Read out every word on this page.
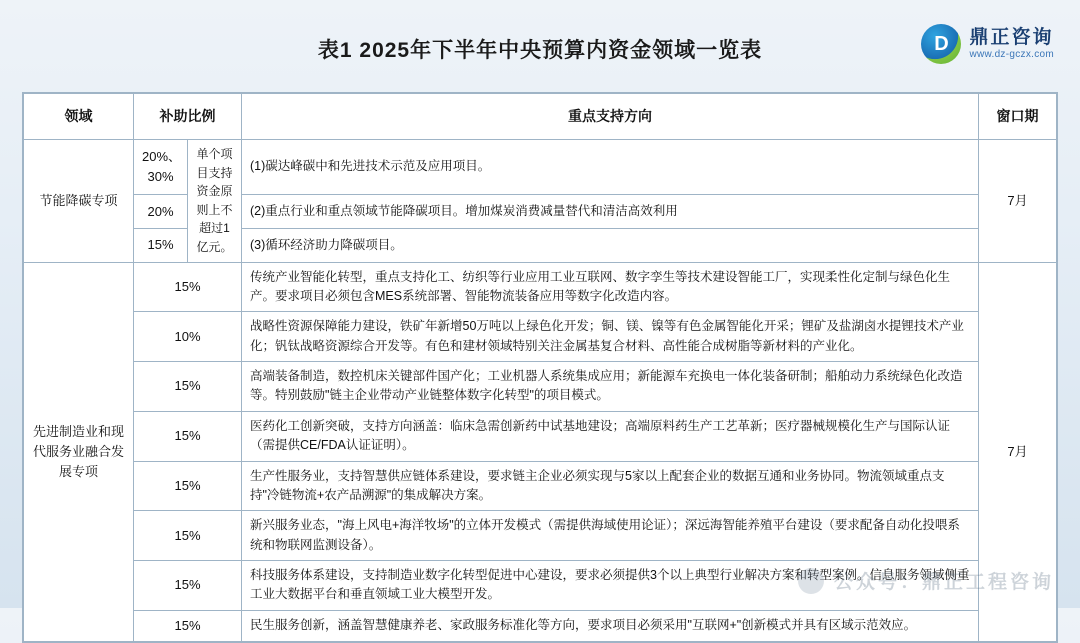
表1 2025年下半年中央预算内资金领域一览表	D	鼎正咨询
www.dz-gczx.com
领域	补助比例		重点支持方向	窗口期
节能降碳专项	20%、30%	单个项目支持资金原则上不超过1亿元。	(1)碳达峰碳中和先进技术示范及应用项目。	7月
	20%		(2)重点行业和重点领域节能降碳项目。增加煤炭消费减量替代和清洁高效利用	
	15%		(3)循环经济助力降碳项目。	
先进制造业和现代服务业融合发展专项	15%		传统产业智能化转型，重点支持化工、纺织等行业应用工业互联网、数字孪生等技术建设智能工厂，实现柔性化定制与绿色化生产。要求项目必须包含MES系统部署、智能物流装备应用等数字化改造内容。	7月
	10%		战略性资源保障能力建设，铁矿年新增50万吨以上绿色化开发；铜、镁、镍等有色金属智能化开采；锂矿及盐湖卤水提锂技术产业化；钒钛战略资源综合开发等。有色和建材领域特别关注金属基复合材料、高性能合成树脂等新材料的产业化。	
	15%		高端装备制造，数控机床关键部件国产化；工业机器人系统集成应用；新能源车充换电一体化装备研制；船舶动力系统绿色化改造等。特别鼓励"链主企业带动产业链整体数字化转型"的项目模式。	
	15%		医药化工创新突破，支持方向涵盖：临床急需创新药中试基地建设；高端原料药生产工艺革新；医疗器械规模化生产与国际认证（需提供CE/FDA认证证明）。	
	15%		生产性服务业，支持智慧供应链体系建设，要求链主企业必须实现与5家以上配套企业的数据互通和业务协同。物流领域重点支持"冷链物流+农产品溯源"的集成解决方案。	
	15%		新兴服务业态，"海上风电+海洋牧场"的立体开发模式（需提供海域使用论证）；深远海智能养殖平台建设（要求配备自动化投喂系统和物联网监测设备）。	
	15%		科技服务体系建设，支持制造业数字化转型促进中心建设，要求必须提供3个以上典型行业解决方案和转型案例。信息服务领域侧重工业大数据平台和垂直领域工业大模型开发。	
	15%		民生服务创新，涵盖智慧健康养老、家政服务标准化等方向，要求项目必须采用"互联网+"创新模式并具有区域示范效应。	
公众号：鼎正工程咨询
